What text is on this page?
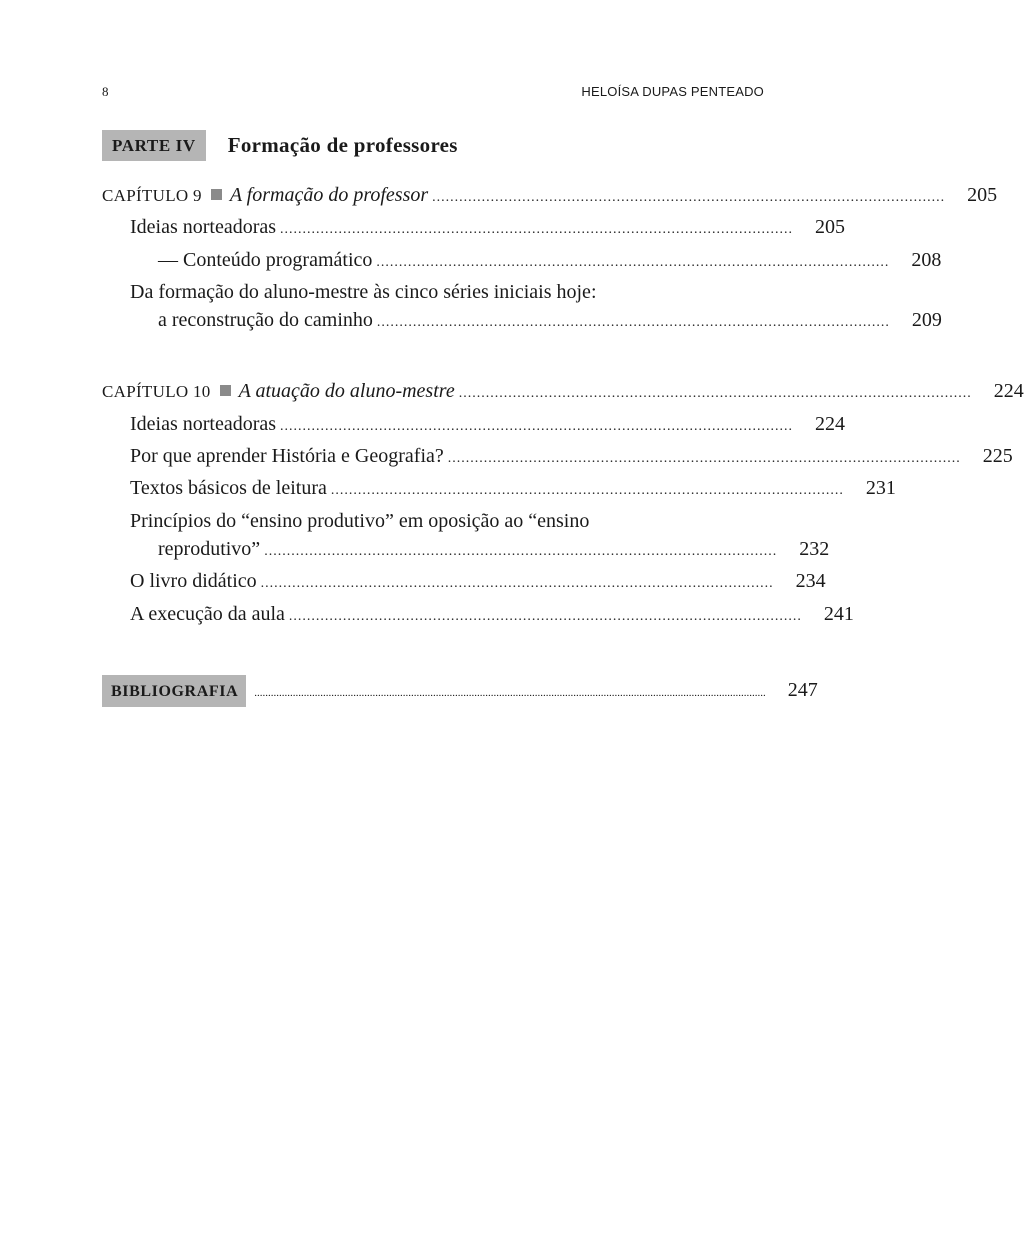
8	HELOÍSA DUPAS PENTEADO
PARTE IV	Formação de professores
CAPÍTULO 9 A formação do professor ..................................................................................................................	205
Ideias norteadoras ..................................................................................................................	205
— Conteúdo programático ..................................................................................................................	208
Da formação do aluno-mestre às cinco séries iniciais hoje:
a reconstrução do caminho ..................................................................................................................	209
CAPÍTULO 10 A atuação do aluno-mestre ..................................................................................................................	224
Ideias norteadoras ..................................................................................................................	224
Por que aprender História e Geografia? ..................................................................................................................	225
Textos básicos de leitura ..................................................................................................................	231
Princípios do “ensino produtivo” em oposição ao “ensino
reprodutivo” ..................................................................................................................	232
O livro didático ..................................................................................................................	234
A execução da aula ..................................................................................................................	241
BIBLIOGRAFIA	..........................................................................................................................................................................................	247
